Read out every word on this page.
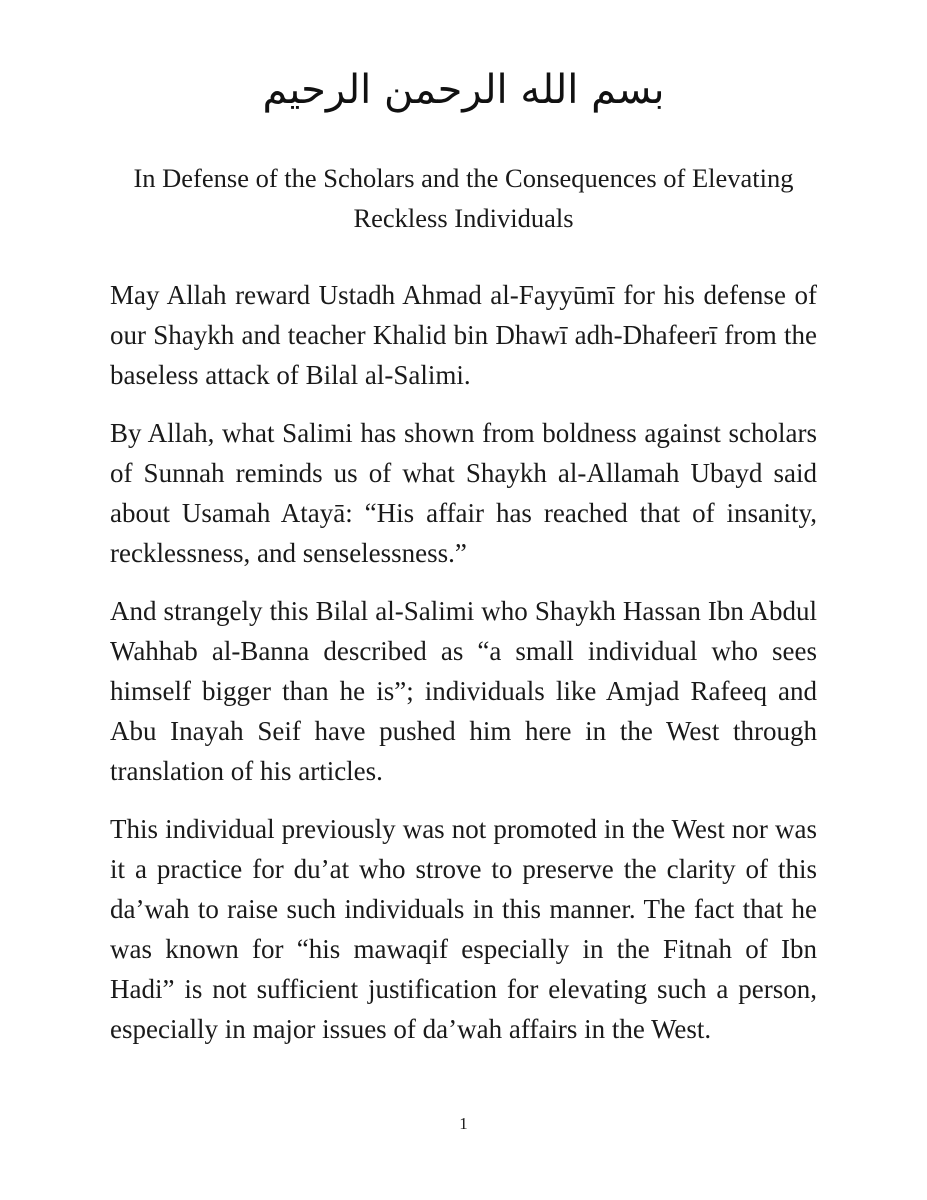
بسم الله الرحمن الرحيم
In Defense of the Scholars and the Consequences of Elevating Reckless Individuals

May Allah reward Ustadh Ahmad al-Fayyūmī for his defense of our Shaykh and teacher Khalid bin Dhawī adh-Dhafeerī from the baseless attack of Bilal al-Salimi.

By Allah, what Salimi has shown from boldness against scholars of Sunnah reminds us of what Shaykh al-Allamah Ubayd said about Usamah Atayā: “His affair has reached that of insanity, recklessness, and senselessness.”

And strangely this Bilal al-Salimi who Shaykh Hassan Ibn Abdul Wahhab al-Banna described as “a small individual who sees himself bigger than he is”; individuals like Amjad Rafeeq and Abu Inayah Seif have pushed him here in the West through translation of his articles.

This individual previously was not promoted in the West nor was it a practice for du’at who strove to preserve the clarity of this da’wah to raise such individuals in this manner. The fact that he was known for “his mawaqif especially in the Fitnah of Ibn Hadi” is not sufficient justification for elevating such a person, especially in major issues of da’wah affairs in the West.

1
